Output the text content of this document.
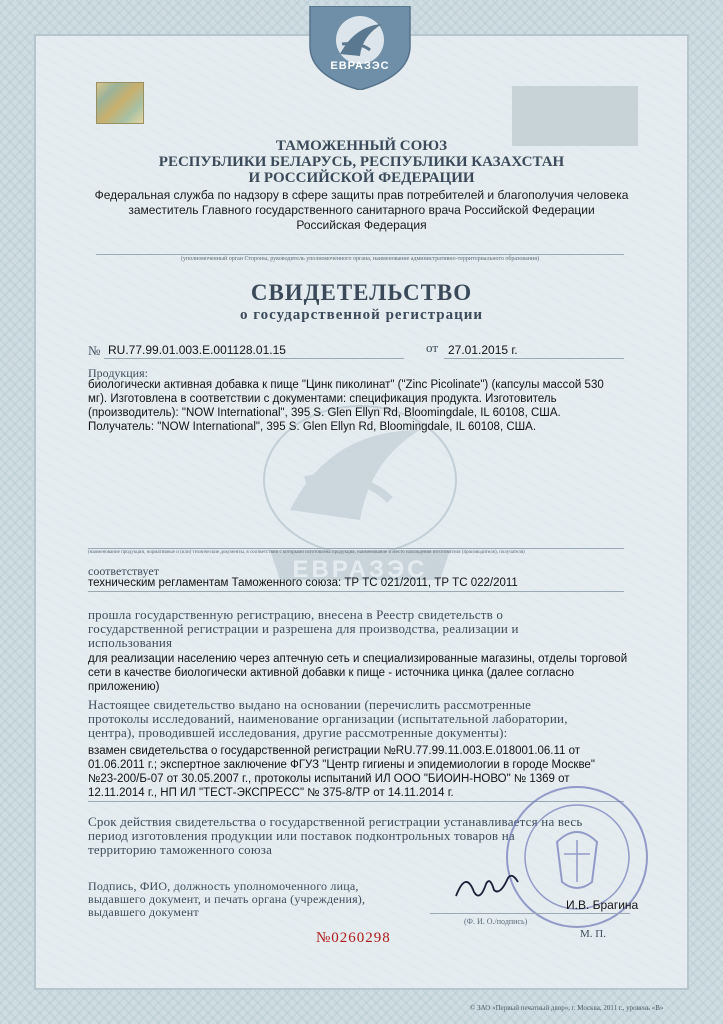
ЕВРАЗЭС
ЕВРАЗЭС
ТАМОЖЕННЫЙ СОЮЗ
РЕСПУБЛИКИ БЕЛАРУСЬ, РЕСПУБЛИКИ КАЗАХСТАН
И РОССИЙСКОЙ ФЕДЕРАЦИИ
Федеральная служба по надзору в сфере защиты прав потребителей и благополучия человека
заместитель Главного государственного санитарного врача Российской Федерации
Российская Федерация
(уполномоченный орган Стороны, руководитель уполномоченного органа, наименование административно-территориального образования)
СВИДЕТЕЛЬСТВО
о государственной регистрации
№ RU.77.99.01.003.E.001128.01.15	от 27.01.2015 г.
Продукция:
биологически активная добавка к пище "Цинк пиколинат" ("Zinc Picolinate") (капсулы массой 530
мг). Изготовлена в соответствии с документами: спецификация продукта. Изготовитель
(производитель): "NOW International", 395 S. Glen Ellyn Rd, Bloomingdale, IL 60108, США.
Получатель: "NOW International", 395 S. Glen Ellyn Rd, Bloomingdale, IL 60108, США.
(наименование продукции, нормативные и (или) технические документы, в соответствии с которыми изготовлена продукция, наименование и место нахождения изготовителя (производителя), получателя)
соответствует
техническим регламентам Таможенного союза: ТР ТС 021/2011, ТР ТС 022/2011
прошла государственную регистрацию, внесена в Реестр свидетельств о
государственной регистрации и разрешена для производства, реализации и
использования
для реализации населению через аптечную сеть и специализированные магазины, отделы торговой
сети в качестве биологически активной добавки к пище - источника цинка (далее согласно
приложению)
Настоящее свидетельство выдано на основании (перечислить рассмотренные
протоколы исследований, наименование организации (испытательной лаборатории,
центра), проводившей исследования, другие рассмотренные документы):
взамен свидетельства о государственной регистрации №RU.77.99.11.003.Е.018001.06.11 от
01.06.2011 г.; экспертное заключение ФГУЗ "Центр гигиены и эпидемиологии в городе Москве"
№23-200/Б-07 от 30.05.2007 г., протоколы испытаний ИЛ ООО "БИОИН-НОВО" № 1369 от
12.11.2014 г., НП ИЛ "ТЕСТ-ЭКСПРЕСС" № 375-8/ТР от 14.11.2014 г.
Срок действия свидетельства о государственной регистрации устанавливается на весь
период изготовления продукции или поставок подконтрольных товаров на
территорию таможенного союза
Подпись, ФИО, должность уполномоченного лица,
выдавшего документ, и печать органа (учреждения),
выдавшего документ	И.В. Брагина
(Ф. И. О./подпись)
М. П.
№0260298
© ЗАО «Первый печатный двор», г. Москва, 2011 г., уровень «В»
